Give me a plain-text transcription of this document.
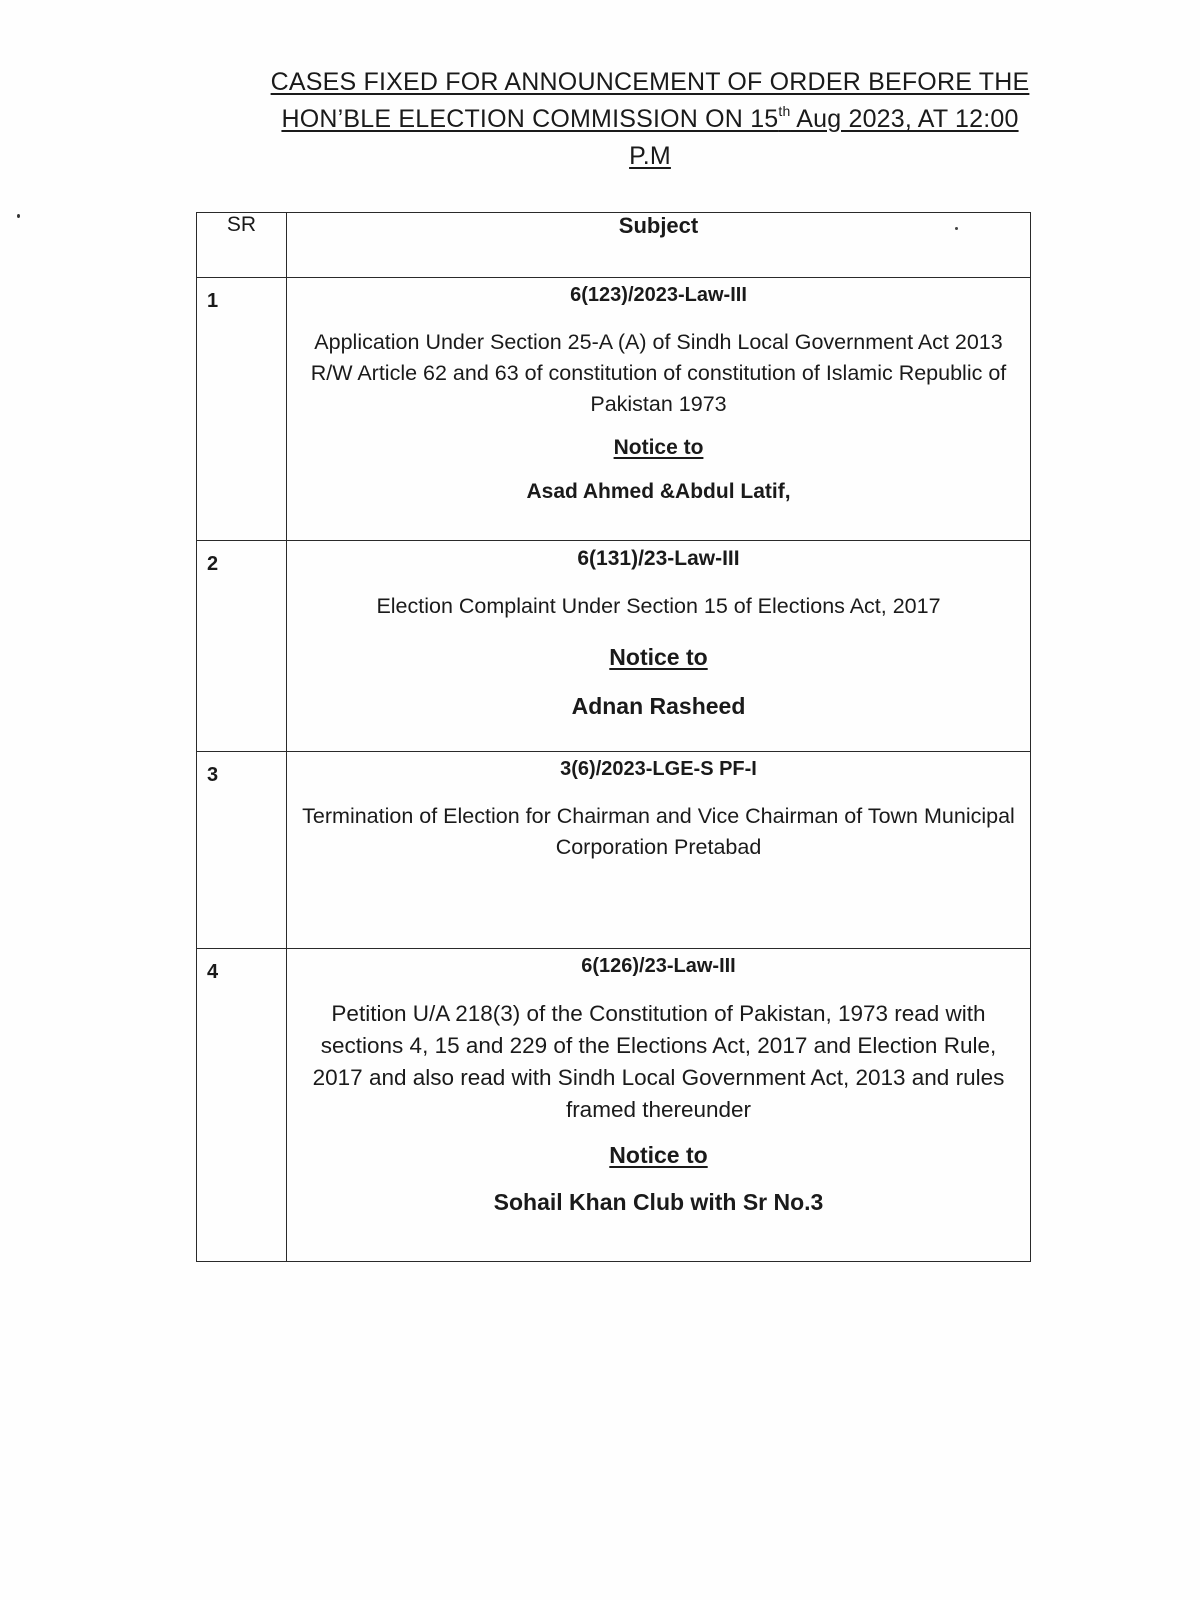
CASES FIXED FOR ANNOUNCEMENT OF ORDER BEFORE THE
HON’BLE ELECTION COMMISSION ON 15th Aug 2023, AT 12:00
P.M
SR	Subject

1	6(123)/2023-Law-III
Application Under Section 25-A (A) of Sindh Local Government Act 2013 R/W Article 62 and 63 of constitution of constitution of Islamic Republic of Pakistan 1973
Notice to
Asad Ahmed &Abdul Latif,

2	6(131)/23-Law-III
Election Complaint Under Section 15 of Elections Act, 2017
Notice to
Adnan Rasheed

3	3(6)/2023-LGE-S PF-I
Termination of Election for Chairman and Vice Chairman of Town Municipal Corporation Pretabad

4	6(126)/23-Law-III
Petition U/A 218(3) of the Constitution of Pakistan, 1973 read with sections 4, 15 and 229 of the Elections Act, 2017 and Election Rule, 2017 and also read with Sindh Local Government Act, 2013 and rules framed thereunder
Notice to
Sohail Khan Club with Sr No.3
